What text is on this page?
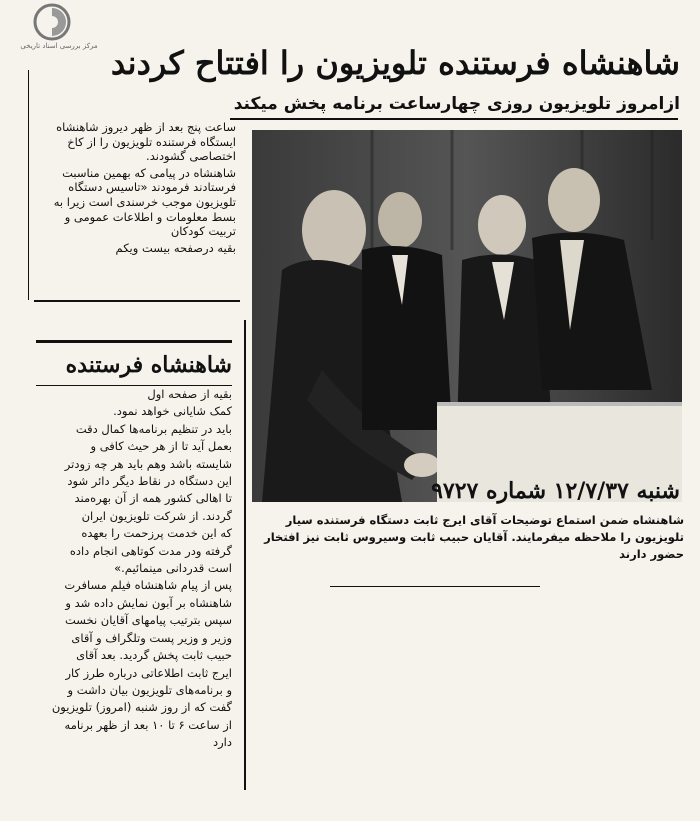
مرکز بررسی اسناد تاریخی شاهنشاه فرستنده تلویزیون را افتتاح کردند
ازامروز تلویزیون روزی چهارساعت برنامه پخش میکند

ساعت پنج بعد از ظهر دیروز شاهنشاه ایستگاه فرستنده تلویزیون را از کاخ اختصاصی گشودند.

شاهنشاه در پیامی که بهمین مناسبت فرستادند فرمودند «تاسیس دستگاه تلویزیون موجب خرسندی است زیرا به بسط معلومات و اطلاعات عمومی و تربیت کودکان

بقیه درصفحه بیست ویکم

شاهنشاه فرستنده

بقیه از صفحه اول

کمک شایانی خواهد نمود.

باید در تنظیم برنامه‌ها کمال دقت

بعمل آید تا از هر حیث کافی و

شایسته باشد وهم باید هر چه زودتر

این دستگاه در نقاط دیگر دائر شود

تا اهالی کشور همه از آن بهره‌مند

گردند. از شرکت تلویزیون ایران

که این خدمت پرزحمت را بعهده

گرفته ودر مدت کوتاهی انجام داده

است قدردانی مینمائیم.»

پس از پیام شاهنشاه فیلم مسافرت

شاهنشاه بر آبون نمایش داده شد و

سپس بترتیب پیامهای آقایان نخست

وزیر و وزیر پست وتلگراف و آقای

حبیب ثابت پخش گردید. بعد آقای

ایرج ثابت اطلاعاتی درباره طرز کار

و برنامه‌های تلویزیون بیان داشت و

گفت که از روز شنبه (امروز) تلویزیون

از ساعت ۶ تا ۱۰ بعد از ظهر برنامه

دارد

شنبه ۱۲/۷/۳۷ شماره ۹۷۲۷
شاهنشاه ضمن استماع توضیحات آقای ایرج ثابت دستگاه فرستنده سیار تلویزیون را ملاحظه میفرمایند. آقایان حبیب ثابت وسیروس ثابت نیز افتخار حضور دارند
